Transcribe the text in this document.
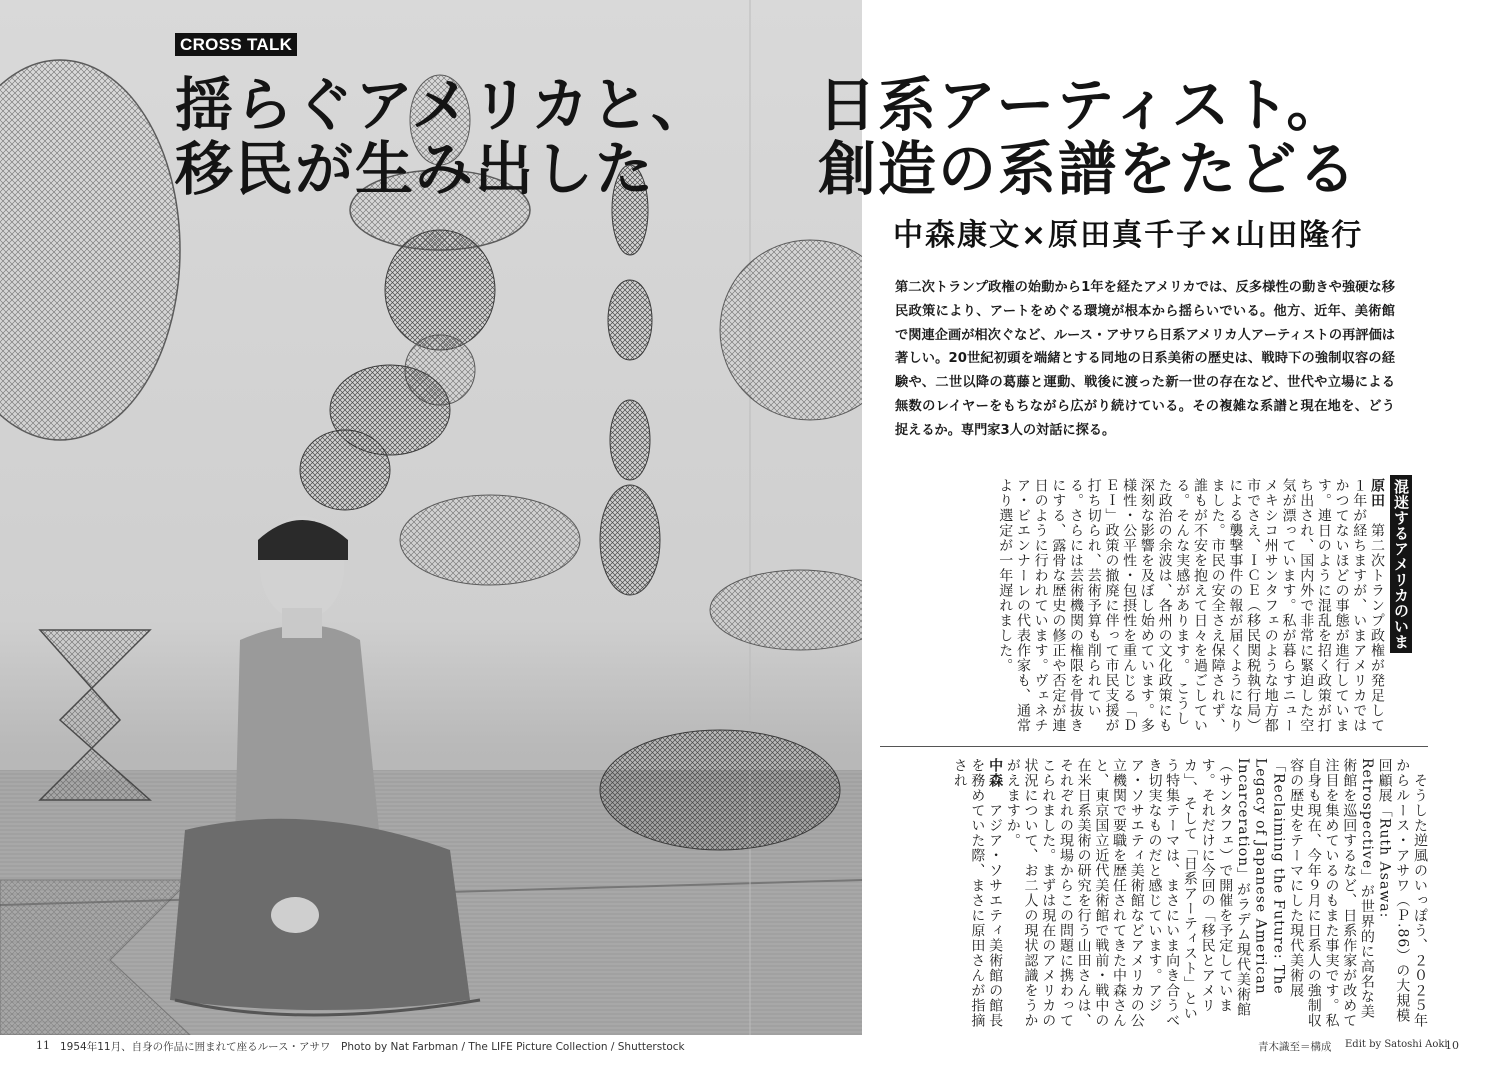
CROSS TALK
揺らぐアメリカと、
移民が生み出した
日系アーティスト。
創造の系譜をたどる
中森康文×原田真千子×山田隆行
第二次トランプ政権の始動から1年を経たアメリカでは、反多様性の動きや強硬な移民政策により、アートをめぐる環境が根本から揺らいでいる。他方、近年、美術館で関連企画が相次ぐなど、ルース・アサワら日系アメリカ人アーティストの再評価は著しい。20世紀初頭を端緒とする同地の日系美術の歴史は、戦時下の強制収容の経験や、二世以降の葛藤と運動、戦後に渡った新一世の存在など、世代や立場による無数のレイヤーをもちながら広がり続けている。その複雑な系譜と現在地を、どう捉えるか。専門家3人の対話に探る。
混迷するアメリカのいま
原田　第二次トランプ政権が発足して１年が経ちますが、いまアメリカではかつてないほどの事態が進行しています。連日のように混乱を招く政策が打ち出され、国内外で非常に緊迫した空気が漂っています。私が暮らすニューメキシコ州サンタフェのような地方都市でさえ、ＩＣＥ（移民関税執行局）による襲撃事件の報が届くようになりました。市民の安全さえ保障されず、誰もが不安を抱えて日々を過ごしている。そんな実感があります。　こうした政治の余波は、各州の文化政策にも深刻な影響を及ぼし始めています。多様性・公平性・包摂性を重んじる「ＤＥＩ」政策の撤廃に伴って市民支援が打ち切られ、芸術予算も削られている。さらには芸術機関の権限を骨抜きにする、露骨な歴史の修正や否定が連日のように行われています。ヴェネチア・ビエンナーレの代表作家も、通常より選定が一年遅れました。
　そうした逆風のいっぽう、２０２５年からルース・アサワ（Ｐ.86）の大規模回顧展「Ruth Asawa: Retrospective」が世界的に高名な美術館を巡回するなど、日系作家が改めて注目を集めているのもまた事実です。私自身も現在、今年９月に日系人の強制収容の歴史をテーマにした現代美術展「Reclaiming the Future: The Legacy of Japanese American Incarceration」がラデム現代美術館（サンタフェ）で開催を予定しています。それだけに今回の「移民とアメリカ」、そして「日系アーティスト」という特集テーマは、まさにいま向き合うべき切実なものだと感じています。アジア・ソサエティ美術館などアメリカの公立機関で要職を歴任されてきた中森さんと、東京国立近代美術館で戦前・戦中の在米日系美術の研究を行う山田さんは、それぞれの現場からこの問題に携わってこられました。まずは現在のアメリカの状況について、お二人の現状認識をうかがえますか。
中森　アジア・ソサエティ美術館の館長を務めていた際、まさに原田さんが指摘され
11 1954年11月、自身の作品に囲まれて座るルース・アサワ　Photo by Nat Farbman / The LIFE Picture Collection / Shutterstock	青木識至＝構成 Edit by Satoshi Aoki
10
